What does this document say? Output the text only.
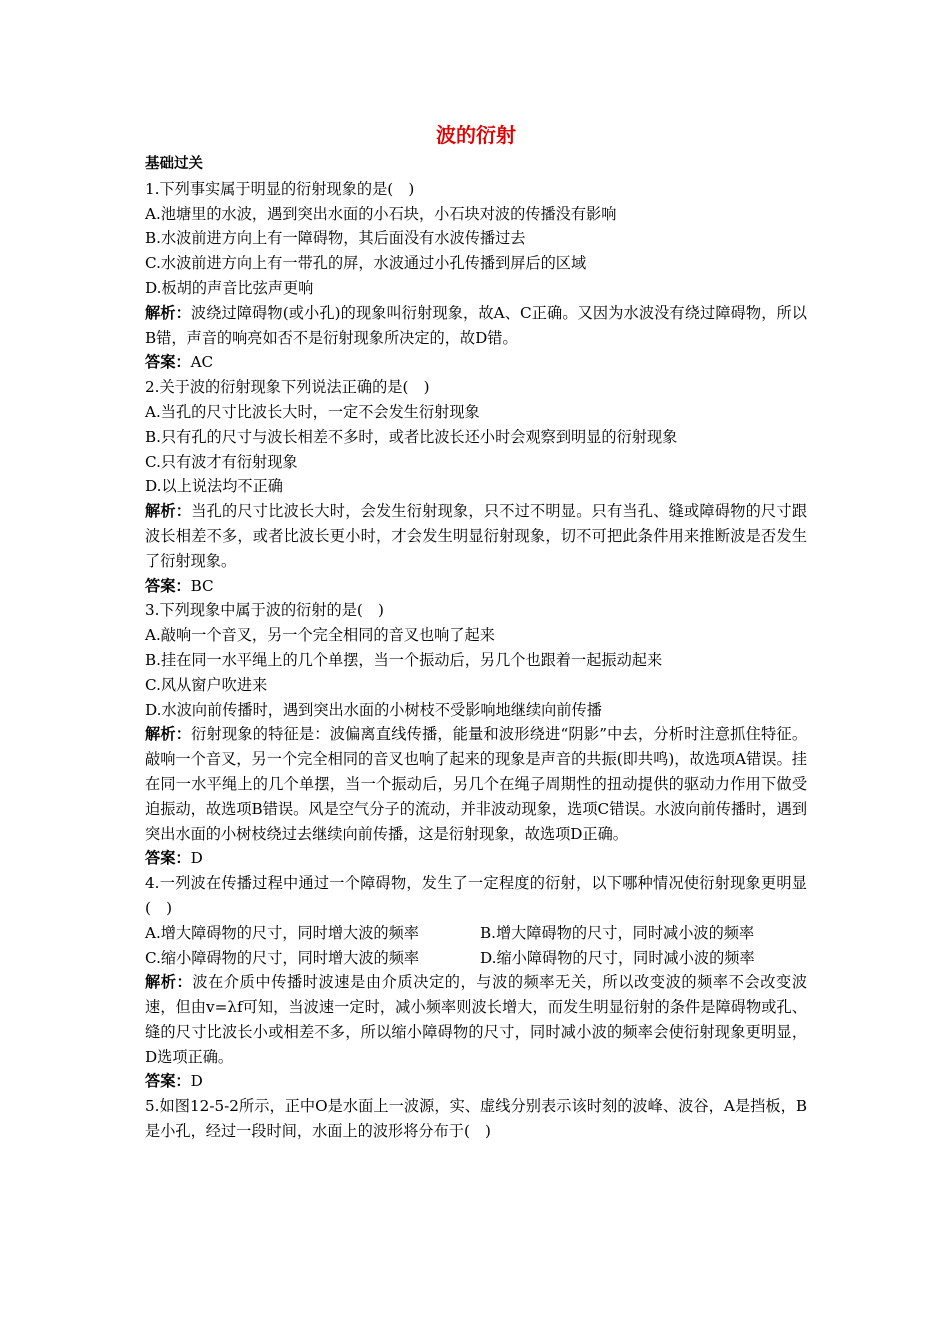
波的衍射
基础过关
1.下列事实属于明显的衍射现象的是(　)
A.池塘里的水波，遇到突出水面的小石块，小石块对波的传播没有影响
B.水波前进方向上有一障碍物，其后面没有水波传播过去
C.水波前进方向上有一带孔的屏，水波通过小孔传播到屏后的区域
D.板胡的声音比弦声更响
解析：波绕过障碍物(或小孔)的现象叫衍射现象，故A、C正确。又因为水波没有绕过障碍物，所以B错，声音的响亮如否不是衍射现象所决定的，故D错。
答案：AC
2.关于波的衍射现象下列说法正确的是(　)
A.当孔的尺寸比波长大时，一定不会发生衍射现象
B.只有孔的尺寸与波长相差不多时，或者比波长还小时会观察到明显的衍射现象
C.只有波才有衍射现象
D.以上说法均不正确
解析：当孔的尺寸比波长大时，会发生衍射现象，只不过不明显。只有当孔、缝或障碍物的尺寸跟波长相差不多，或者比波长更小时，才会发生明显衍射现象，切不可把此条件用来推断波是否发生了衍射现象。
答案：BC
3.下列现象中属于波的衍射的是(　)
A.敲响一个音叉，另一个完全相同的音叉也响了起来
B.挂在同一水平绳上的几个单摆，当一个振动后，另几个也跟着一起振动起来
C.风从窗户吹进来
D.水波向前传播时，遇到突出水面的小树枝不受影响地继续向前传播
解析：衍射现象的特征是：波偏离直线传播，能量和波形绕进“阴影”中去，分析时注意抓住特征。敲响一个音叉，另一个完全相同的音叉也响了起来的现象是声音的共振(即共鸣)，故选项A错误。挂在同一水平绳上的几个单摆，当一个振动后，另几个在绳子周期性的扭动提供的驱动力作用下做受迫振动，故选项B错误。风是空气分子的流动，并非波动现象，选项C错误。水波向前传播时，遇到突出水面的小树枝绕过去继续向前传播，这是衍射现象，故选项D正确。
答案：D
4.一列波在传播过程中通过一个障碍物，发生了一定程度的衍射，以下哪种情况使衍射现象更明显(　)
A.增大障碍物的尺寸，同时增大波的频率	B.增大障碍物的尺寸，同时减小波的频率
C.缩小障碍物的尺寸，同时增大波的频率	D.缩小障碍物的尺寸，同时减小波的频率
解析：波在介质中传播时波速是由介质决定的，与波的频率无关，所以改变波的频率不会改变波速，但由v=λf可知，当波速一定时，减小频率则波长增大，而发生明显衍射的条件是障碍物或孔、缝的尺寸比波长小或相差不多，所以缩小障碍物的尺寸，同时减小波的频率会使衍射现象更明显，D选项正确。
答案：D
5.如图12-5-2所示，正中O是水面上一波源，实、虚线分别表示该时刻的波峰、波谷，A是挡板，B是小孔，经过一段时间，水面上的波形将分布于(　)
